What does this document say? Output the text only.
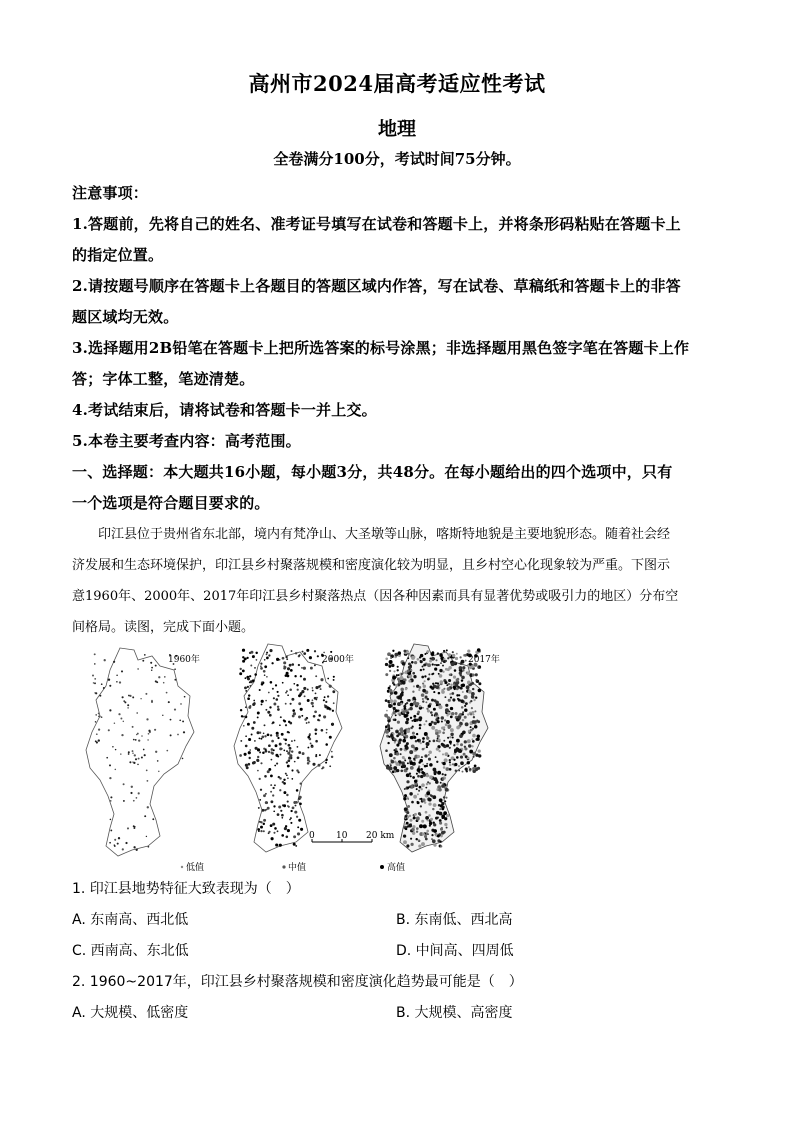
高州市2024届高考适应性考试
地理
全卷满分100分，考试时间75分钟。
注意事项：
1.答题前，先将自己的姓名、准考证号填写在试卷和答题卡上，并将条形码粘贴在答题卡上
的指定位置。
2.请按题号顺序在答题卡上各题目的答题区域内作答，写在试卷、草稿纸和答题卡上的非答
题区域均无效。
3.选择题用2B铅笔在答题卡上把所选答案的标号涂黑；非选择题用黑色签字笔在答题卡上作
答；字体工整，笔迹清楚。
4.考试结束后，请将试卷和答题卡一并上交。
5.本卷主要考查内容：高考范围。
一、选择题：本大题共16小题，每小题3分，共48分。在每小题给出的四个选项中，只有
一个选项是符合题目要求的。
印江县位于贵州省东北部，境内有梵净山、大圣墩等山脉，喀斯特地貌是主要地貌形态。随着社会经
济发展和生态环境保护，印江县乡村聚落规模和密度演化较为明显，且乡村空心化现象较为严重。下图示
意1960年、2000年、2017年印江县乡村聚落热点（因各种因素而具有显著优势或吸引力的地区）分布空
间格局。读图，完成下面小题。
1960年	2000年	2017年
0 10 20 km
低值	中值	高值
1. 印江县地势特征大致表现为（　）
A. 东南高、西北低	B. 东南低、西北高
C. 西南高、东北低	D. 中间高、四周低
2. 1960~2017年，印江县乡村聚落规模和密度演化趋势最可能是（　）
A. 大规模、低密度	B. 大规模、高密度
